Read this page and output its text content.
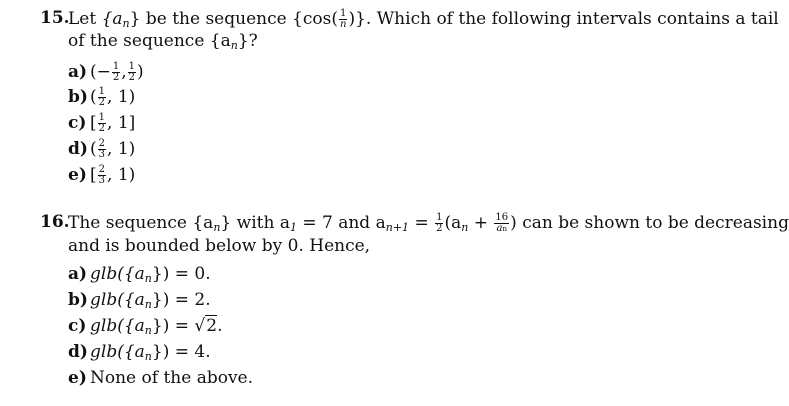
15.
Let $\{a_n\}$ be the sequence {$\cos( \frac{1}{n}$ )}. Which of the following intervals contains a tail
of the sequence $\{a_n\}$?
a) (− $\frac{1}{2}$ , $\frac{1}{2}$ )
b) ( $\frac{1}{2}$ , 1)
c) [ $\frac{1}{2}$ , 1]
d) ( $\frac{2}{3}$ , 1)
e) [ $\frac{2}{3}$ , 1)
16.
The sequence $\{a_n\}$ with $a_1 = 7$ and $a_{n+1} = \frac{1}{2} (a_n + \frac{16}{an}$ ) can be shown to be decreasing
and is bounded below by 0. Hence,
a) $glb(\{a_n\}) = 0$.
b) $glb(\{a_n\}) = 2$.
c) $glb(\{a_n\}) = √2$.
d) $glb(\{a_n\}) = 4$.
e) None of the above.
